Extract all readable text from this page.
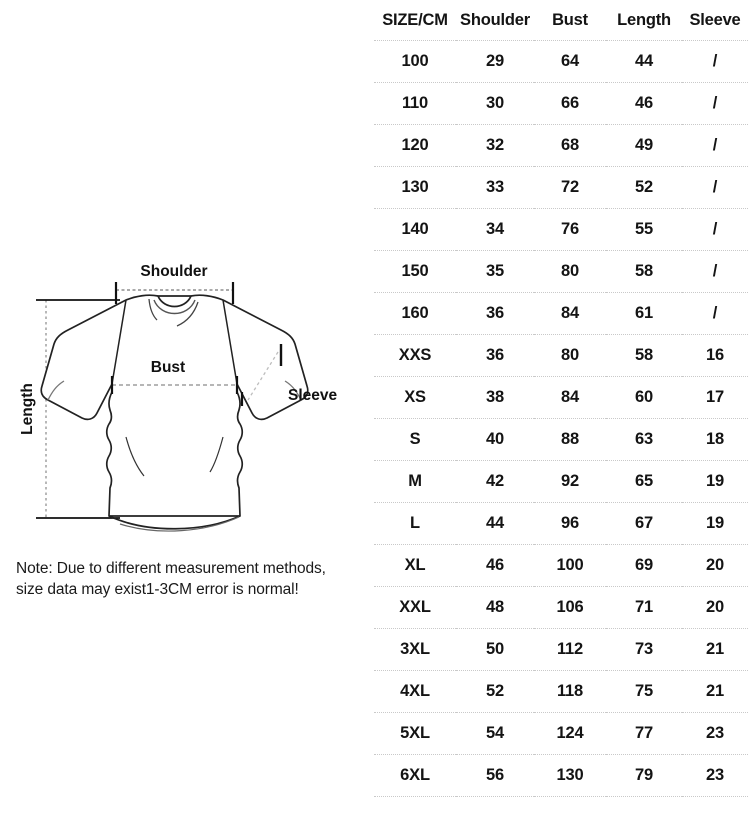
Shoulder
Length
Bust
Sleeve
Note: Due to different measurement methods,
size data may exist1-3CM error is normal!
SIZE/CM	Shoulder	Bust	Length	Sleeve
100	29	64	44	/
110	30	66	46	/
120	32	68	49	/
130	33	72	52	/
140	34	76	55	/
150	35	80	58	/
160	36	84	61	/
XXS	36	80	58	16
XS	38	84	60	17
S	40	88	63	18
M	42	92	65	19
L	44	96	67	19
XL	46	100	69	20
XXL	48	106	71	20
3XL	50	112	73	21
4XL	52	118	75	21
5XL	54	124	77	23
6XL	56	130	79	23
